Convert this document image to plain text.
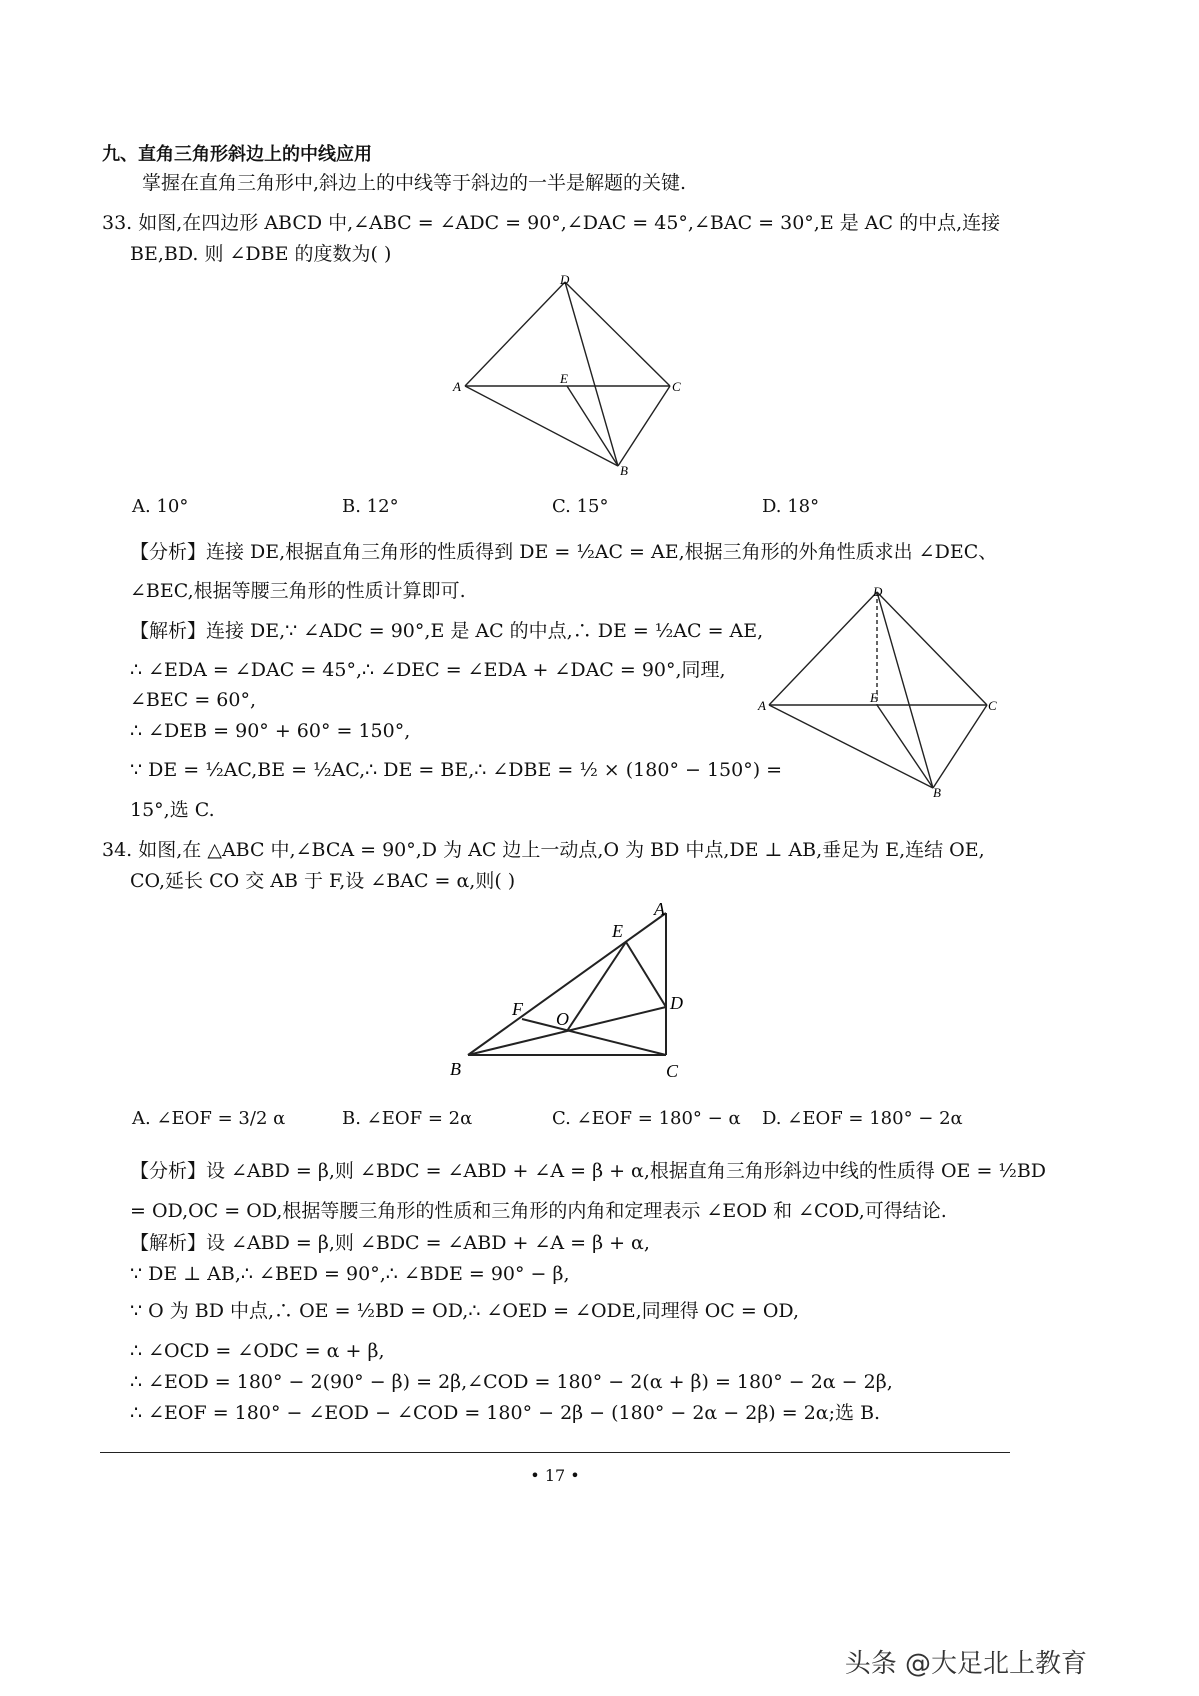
九、直角三角形斜边上的中线应用
掌握在直角三角形中,斜边上的中线等于斜边的一半是解题的关键.
33. 如图,在四边形 ABCD 中,∠ABC = ∠ADC = 90°,∠DAC = 45°,∠BAC = 30°,E 是 AC 的中点,连接
BE,BD. 则 ∠DBE 的度数为( )
D
A
E
C
B
A. 10°	B. 12°	C. 15°	D. 18°
【分析】连接 DE,根据直角三角形的性质得到 DE = ½AC = AE,根据三角形的外角性质求出 ∠DEC、
∠BEC,根据等腰三角形的性质计算即可.
【解析】连接 DE,∵ ∠ADC = 90°,E 是 AC 的中点,∴ DE = ½AC = AE,
∴ ∠EDA = ∠DAC = 45°,∴ ∠DEC = ∠EDA + ∠DAC = 90°,同理,
∠BEC = 60°,
∴ ∠DEB = 90° + 60° = 150°,
∵ DE = ½AC,BE = ½AC,∴ DE = BE,∴ ∠DBE = ½ × (180° − 150°) =
15°,选 C.
D
A
E
C
B
34. 如图,在 △ABC 中,∠BCA = 90°,D 为 AC 边上一动点,O 为 BD 中点,DE ⊥ AB,垂足为 E,连结 OE,
CO,延长 CO 交 AB 于 F,设 ∠BAC = α,则( )
A
E
F O
D
B	C
A. ∠EOF = 3/2 α	B. ∠EOF = 2α	C. ∠EOF = 180° − α D. ∠EOF = 180° − 2α
【分析】设 ∠ABD = β,则 ∠BDC = ∠ABD + ∠A = β + α,根据直角三角形斜边中线的性质得 OE = ½BD
= OD,OC = OD,根据等腰三角形的性质和三角形的内角和定理表示 ∠EOD 和 ∠COD,可得结论.
【解析】设 ∠ABD = β,则 ∠BDC = ∠ABD + ∠A = β + α,
∵ DE ⊥ AB,∴ ∠BED = 90°,∴ ∠BDE = 90° − β,
∵ O 为 BD 中点,∴ OE = ½BD = OD,∴ ∠OED = ∠ODE,同理得 OC = OD,
∴ ∠OCD = ∠ODC = α + β,
∴ ∠EOD = 180° − 2(90° − β) = 2β,∠COD = 180° − 2(α + β) = 180° − 2α − 2β,
∴ ∠EOF = 180° − ∠EOD − ∠COD = 180° − 2β − (180° − 2α − 2β) = 2α;选 B.
• 17 •
头条 @大足北上教育
